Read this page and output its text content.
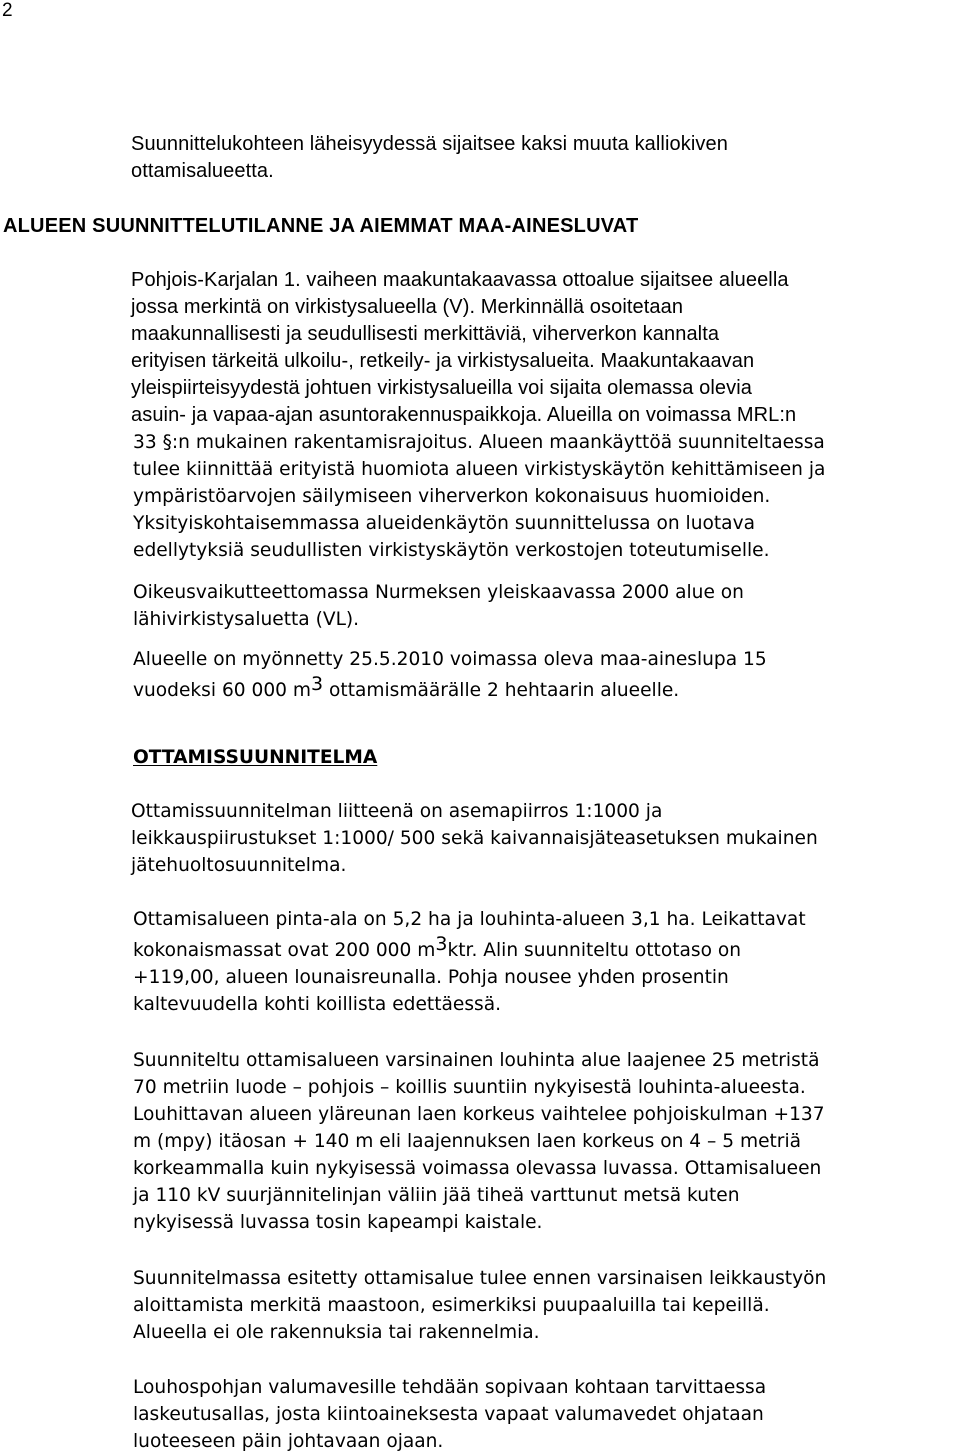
2
Suunnittelukohteen läheisyydessä sijaitsee kaksi muuta kalliokiven
ottamisalueetta.
ALUEEN SUUNNITTELUTILANNE JA AIEMMAT MAA-AINESLUVAT
Pohjois-Karjalan 1. vaiheen maakuntakaavassa ottoalue sijaitsee alueella
jossa merkintä on virkistysalueella (V). Merkinnällä osoitetaan
maakunnallisesti ja seudullisesti merkittäviä, viherverkon kannalta
erityisen tärkeitä ulkoilu-, retkeily- ja virkistysalueita. Maakuntakaavan
yleispiirteisyydestä johtuen virkistysalueilla voi sijaita olemassa olevia
asuin- ja vapaa-ajan asuntorakennuspaikkoja. Alueilla on voimassa MRL:n
33 §:n mukainen rakentamisrajoitus. Alueen maankäyttöä suunniteltaessa
tulee kiinnittää erityistä huomiota alueen virkistyskäytön kehittämiseen ja
ympäristöarvojen säilymiseen viherverkon kokonaisuus huomioiden.
Yksityiskohtaisemmassa alueidenkäytön suunnittelussa on luotava
edellytyksiä seudullisten virkistyskäytön verkostojen toteutumiselle.
Oikeusvaikutteettomassa Nurmeksen yleiskaavassa 2000 alue on
lähivirkistysaluetta (VL).
Alueelle on myönnetty 25.5.2010 voimassa oleva maa-aineslupa 15
vuodeksi 60 000 $m^3$ ottamismäärälle 2 hehtaarin alueelle.
OTTAMISSUUNNITELMA
Ottamissuunnitelman liitteenä on asemapiirros 1:1000 ja
leikkauspiirustukset 1:1000/ 500 sekä kaivannaisjäteasetuksen mukainen
jätehuoltosuunnitelma.
Ottamisalueen pinta-ala on 5,2 ha ja louhinta-alueen 3,1 ha. Leikattavat
kokonaismassat ovat 200 000 $m^3ktr$. Alin suunniteltu ottotaso on
+119,00, alueen lounaisreunalla. Pohja nousee yhden prosentin
kaltevuudella kohti koillista edettäessä.
Suunniteltu ottamisalueen varsinainen louhinta alue laajenee 25 metristä
70 metriin luode – pohjois – koillis suuntiin nykyisestä louhinta-alueesta.
Louhittavan alueen yläreunan laen korkeus vaihtelee pohjoiskulman +137
m (mpy) itäosan + 140 m eli laajennuksen laen korkeus on 4 – 5 metriä
korkeammalla kuin nykyisessä voimassa olevassa luvassa. Ottamisalueen
ja 110 kV suurjännitelinjan väliin jää tiheä varttunut metsä kuten
nykyisessä luvassa tosin kapeampi kaistale.
Suunnitelmassa esitetty ottamisalue tulee ennen varsinaisen leikkaustyön
aloittamista merkitä maastoon, esimerkiksi puupaaluilla tai kepeillä.
Alueella ei ole rakennuksia tai rakennelmia.
Louhospohjan valumavesille tehdään sopivaan kohtaan tarvittaessa
laskeutusallas, josta kiintoaineksesta vapaat valumavedet ohjataan
luoteeseen päin johtavaan ojaan.
